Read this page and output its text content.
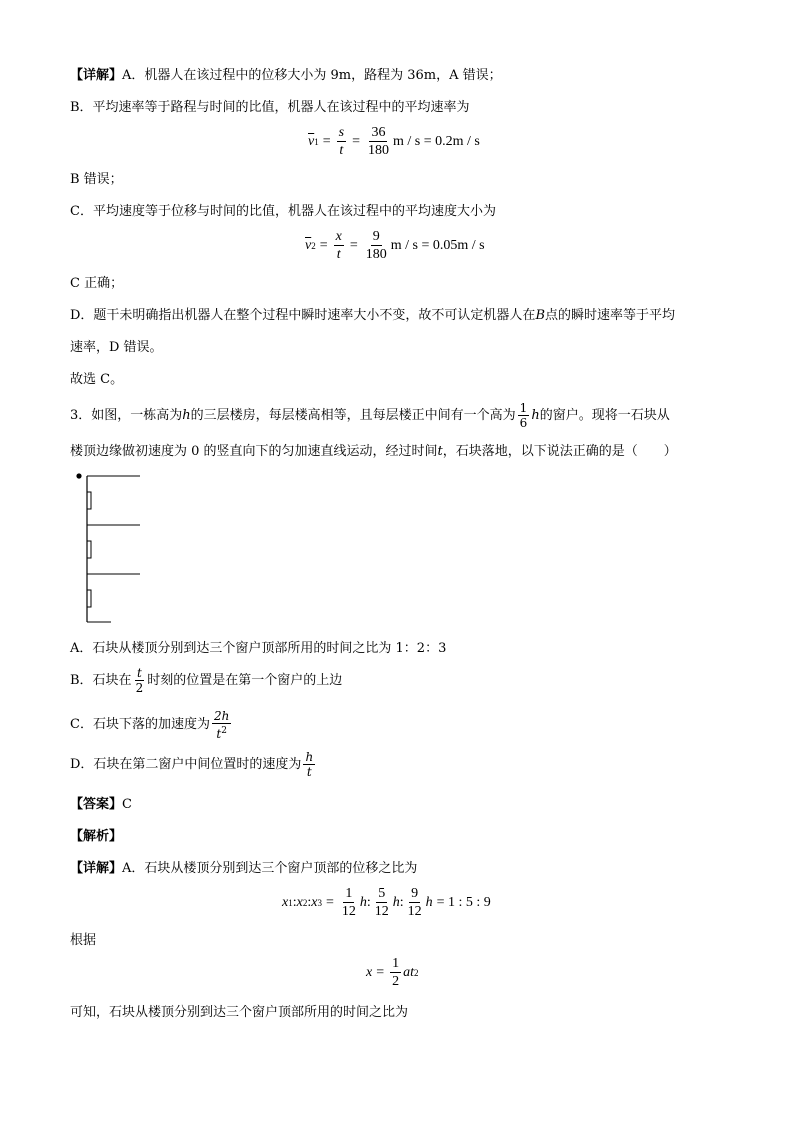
【详解】A．机器人在该过程中的位移大小为 9m，路程为 36m，A 错误；
B．平均速率等于路程与时间的比值，机器人在该过程中的平均速率为
$\overline{v}$ $1 = \frac{s}{t} = \frac{36}{180}$ m / s = 0.2m / s
B 错误；
C．平均速度等于位移与时间的比值，机器人在该过程中的平均速度大小为
$\overline{v}$ $2 = \frac{x}{t} = \frac{9}{180}$ m / s = 0.05m / s
C 正确；
D．题干未明确指出机器人在整个过程中瞬时速率大小不变，故不可认定机器人在B点的瞬时速率等于平均
速率，D 错误。
故选 C。
3．如图，一栋高为 h 的三层楼房，每层楼高相等，且每层楼正中间有一个高为 $\frac{1}{6}$ h 的窗户。现将一石块从
楼顶边缘做初速度为 0 的竖直向下的匀加速直线运动，经过时间t，石块落地，以下说法正确的是（　　）
A．石块从楼顶分别到达三个窗户顶部所用的时间之比为 1：2：3
B．石块在 $\frac{t}{2}$ 时刻的位置是在第一个窗户的上边
C．石块下落的加速度为 $\frac{2h}{t^2}$
D．石块在第二窗户中间位置时的速度为 $\frac{h}{t}$
【答案】C
【解析】
【详解】A．石块从楼顶分别到达三个窗户顶部的位移之比为
x 1 : x 2 : x $3 = \frac{1}{12}$ h : $\frac{5}{12}$ h : $\frac{9}{12}$ h = 1 : 5 : 9
根据
$x = \frac{1}{2}$ a t 2
可知，石块从楼顶分别到达三个窗户顶部所用的时间之比为
